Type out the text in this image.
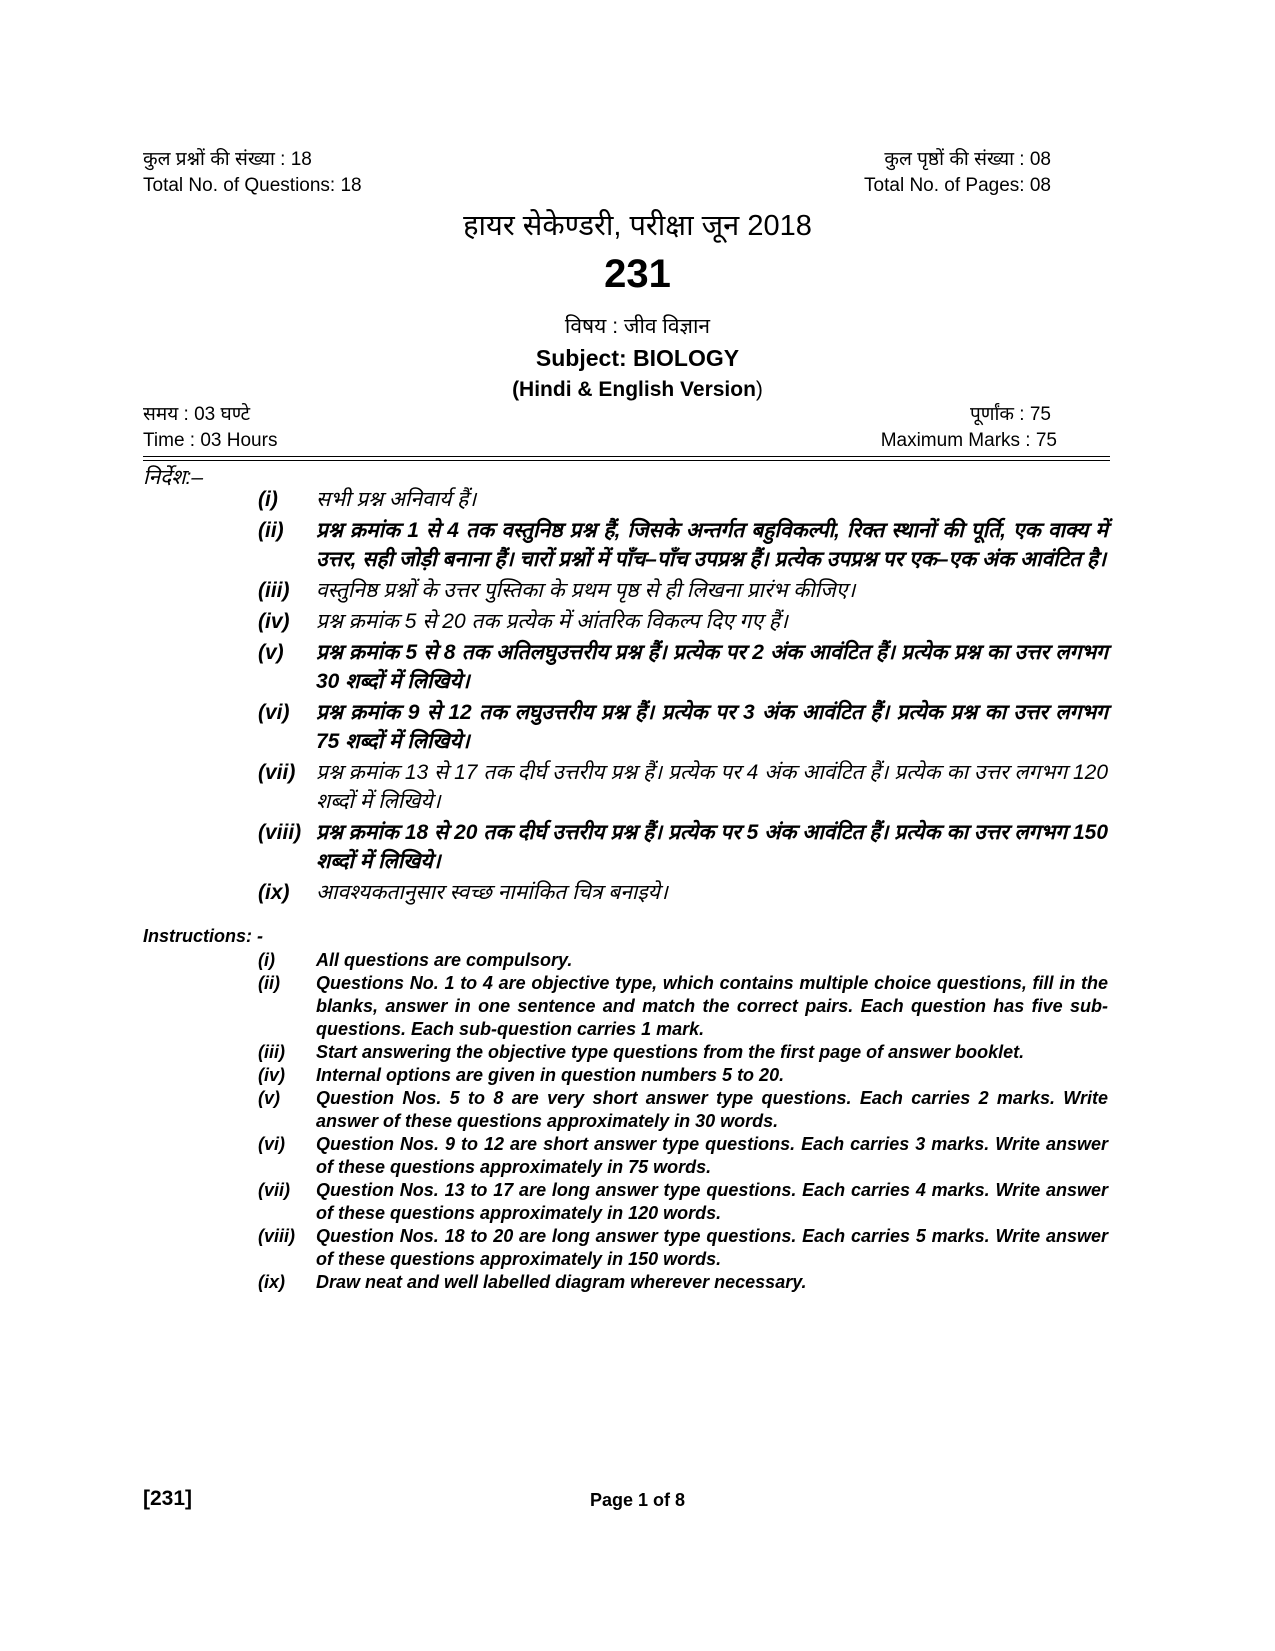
कुल प्रश्नों की संख्या : 18
Total No. of Questions: 18
कुल पृष्ठों की संख्या : 08
Total No. of Pages: 08
हायर सेकेण्डरी, परीक्षा जून 2018
231
विषय : जीव विज्ञान
Subject: BIOLOGY
(Hindi & English Version)
समय : 03 घण्टे
Time : 03 Hours
पूर्णांक : 75
Maximum Marks : 75
निर्देश:–
(i)	सभी प्रश्न अनिवार्य हैं।
(ii)	प्रश्न क्रमांक 1 से 4 तक वस्तुनिष्ठ प्रश्न हैं, जिसके अन्तर्गत बहुविकल्पी, रिक्त स्थानों की पूर्ति, एक वाक्य में उत्तर, सही जोड़ी बनाना हैं। चारों प्रश्नों में पाँच–पाँच उपप्रश्न हैं। प्रत्येक उपप्रश्न पर एक–एक अंक आवंटित है।
(iii)	वस्तुनिष्ठ प्रश्नों के उत्तर पुस्तिका के प्रथम पृष्ठ से ही लिखना प्रारंभ कीजिए।
(iv)	प्रश्न क्रमांक 5 से 20 तक प्रत्येक में आंतरिक विकल्प दिए गए हैं।
(v)	प्रश्न क्रमांक 5 से 8 तक अतिलघुउत्तरीय प्रश्न हैं। प्रत्येक पर 2 अंक आवंटित हैं। प्रत्येक प्रश्न का उत्तर लगभग 30 शब्दों में लिखिये।
(vi)	प्रश्न क्रमांक 9 से 12 तक लघुउत्तरीय प्रश्न हैं। प्रत्येक पर 3 अंक आवंटित हैं। प्रत्येक प्रश्न का उत्तर लगभग 75 शब्दों में लिखिये।
(vii) प्रश्न क्रमांक 13 से 17 तक दीर्घ उत्तरीय प्रश्न हैं। प्रत्येक पर 4 अंक आवंटित हैं। प्रत्येक का उत्तर लगभग 120 शब्दों में लिखिये।
(viii) प्रश्न क्रमांक 18 से 20 तक दीर्घ उत्तरीय प्रश्न हैं। प्रत्येक पर 5 अंक आवंटित हैं। प्रत्येक का उत्तर लगभग 150 शब्दों में लिखिये।
(ix)	आवश्यकतानुसार स्वच्छ नामांकित चित्र बनाइये।
Instructions: -
(i)	All questions are compulsory.
(ii)	Questions No. 1 to 4 are objective type, which contains multiple choice questions, fill in the blanks, answer in one sentence and match the correct pairs. Each question has five sub-questions. Each sub-question carries 1 mark.
(iii)	Start answering the objective type questions from the first page of answer booklet.
(iv)	Internal options are given in question numbers 5 to 20.
(v)	Question Nos. 5 to 8 are very short answer type questions. Each carries 2 marks. Write answer of these questions approximately in 30 words.
(vi)	Question Nos. 9 to 12 are short answer type questions. Each carries 3 marks. Write answer of these questions approximately in 75 words.
(vii)	Question Nos. 13 to 17 are long answer type questions. Each carries 4 marks. Write answer of these questions approximately in 120 words.
(viii)	Question Nos. 18 to 20 are long answer type questions. Each carries 5 marks. Write answer of these questions approximately in 150 words.
(ix)	Draw neat and well labelled diagram wherever necessary.
[231]	Page 1 of 8
